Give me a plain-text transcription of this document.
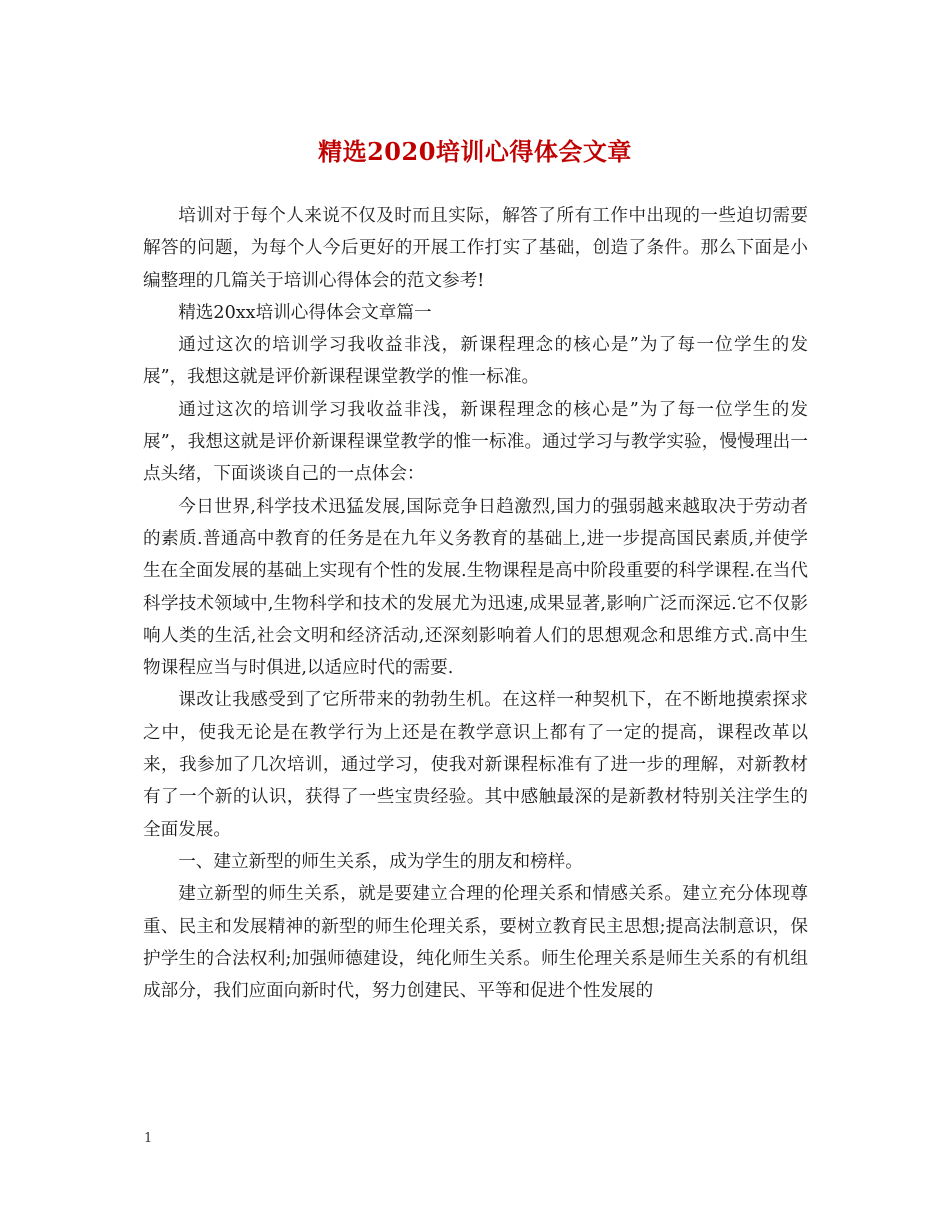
精选2020培训心得体会文章

培训对于每个人来说不仅及时而且实际，解答了所有工作中出现的一些迫切需要解答的问题，为每个人今后更好的开展工作打实了基础，创造了条件。那么下面是小编整理的几篇关于培训心得体会的范文参考!

精选20xx培训心得体会文章篇一

通过这次的培训学习我收益非浅，新课程理念的核心是”为了每一位学生的发展”，我想这就是评价新课程课堂教学的惟一标准。

通过这次的培训学习我收益非浅，新课程理念的核心是”为了每一位学生的发展”，我想这就是评价新课程课堂教学的惟一标准。通过学习与教学实验，慢慢理出一点头绪，下面谈谈自己的一点体会：

今日世界,科学技术迅猛发展,国际竞争日趋激烈,国力的强弱越来越取决于劳动者的素质.普通高中教育的任务是在九年义务教育的基础上,进一步提高国民素质,并使学生在全面发展的基础上实现有个性的发展.生物课程是高中阶段重要的科学课程.在当代科学技术领域中,生物科学和技术的发展尤为迅速,成果显著,影响广泛而深远.它不仅影响人类的生活,社会文明和经济活动,还深刻影响着人们的思想观念和思维方式.高中生物课程应当与时俱进,以适应时代的需要.

课改让我感受到了它所带来的勃勃生机。在这样一种契机下，在不断地摸索探求之中，使我无论是在教学行为上还是在教学意识上都有了一定的提高，课程改革以来，我参加了几次培训，通过学习，使我对新课程标准有了进一步的理解，对新教材有了一个新的认识，获得了一些宝贵经验。其中感触最深的是新教材特别关注学生的全面发展。

一、建立新型的师生关系，成为学生的朋友和榜样。

建立新型的师生关系，就是要建立合理的伦理关系和情感关系。建立充分体现尊重、民主和发展精神的新型的师生伦理关系，要树立教育民主思想;提高法制意识，保护学生的合法权利;加强师德建设，纯化师生关系。师生伦理关系是师生关系的有机组成部分，我们应面向新时代，努力创建民、平等和促进个性发展的

1
